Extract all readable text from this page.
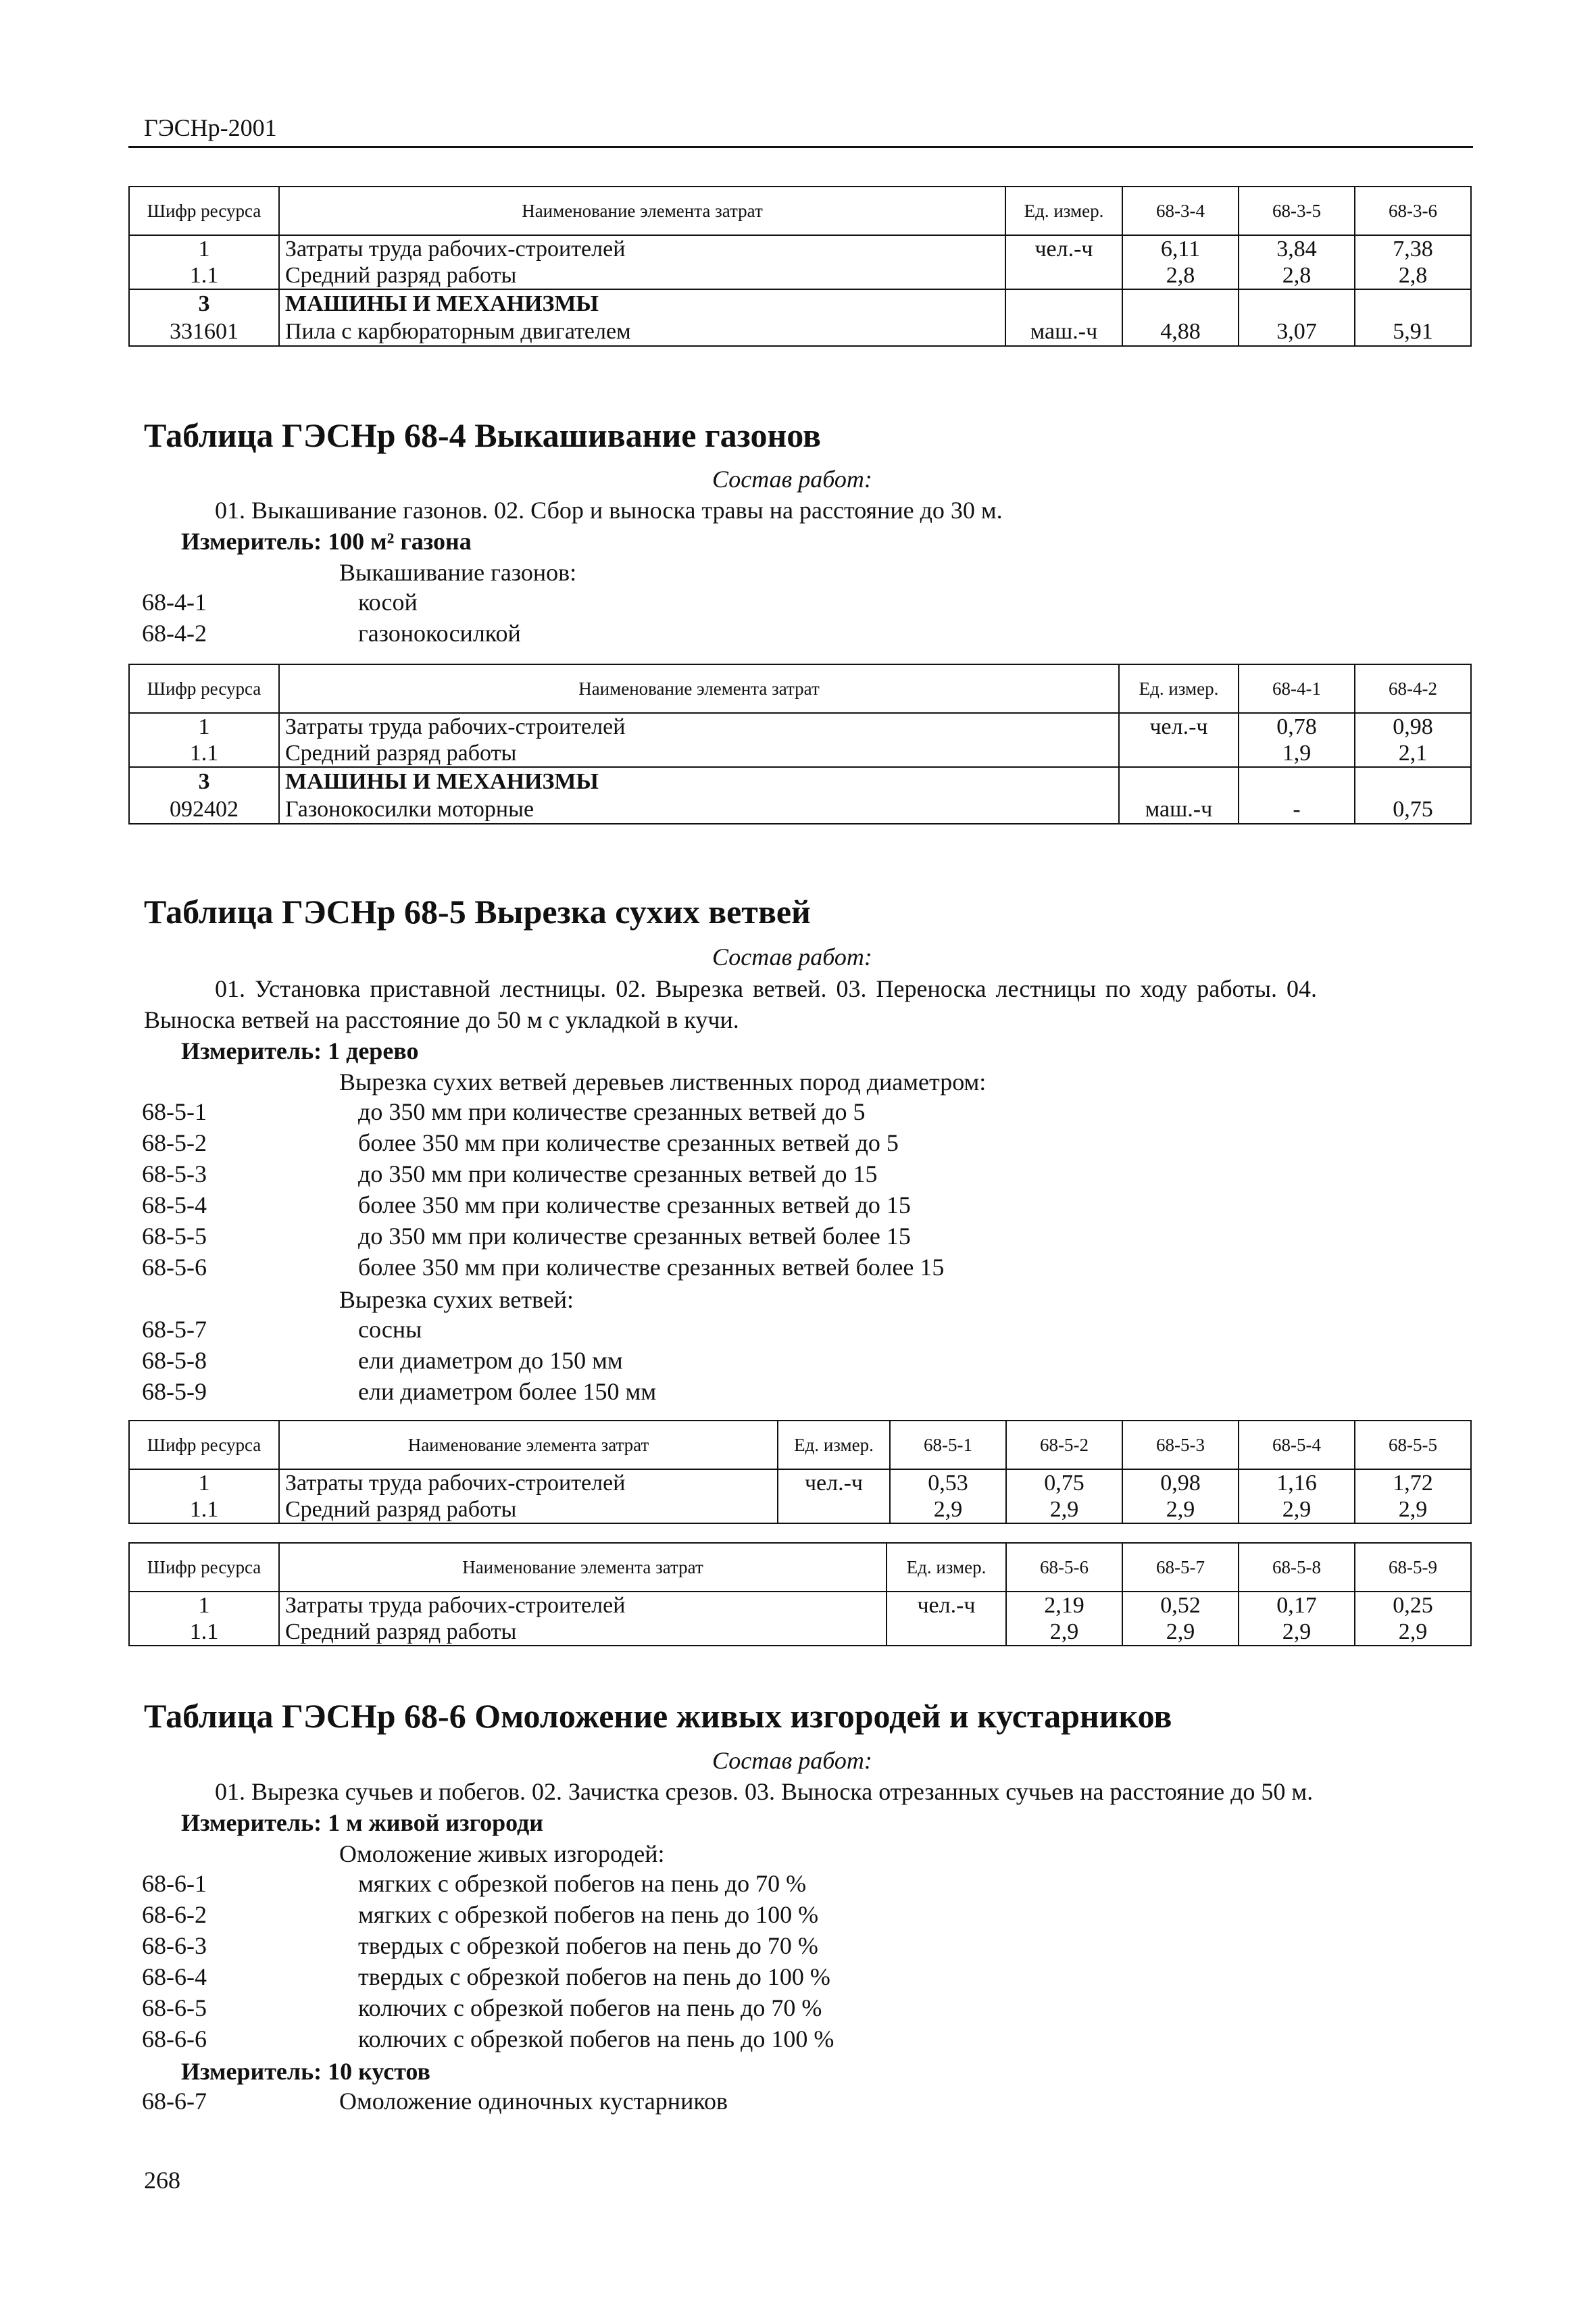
ГЭСНр-2001
Шифр ресурса	Наименование элемента затрат	Ед. измер.	68-3-4	68-3-5	68-3-6
1	Затраты труда рабочих-строителей	чел.-ч	6,11	3,84	7,38
1.1	Средний разряд работы		2,8	2,8	2,8
3	МАШИНЫ И МЕХАНИЗМЫ				
331601	Пила с карбюраторным двигателем	маш.-ч	4,88	3,07	5,91
Таблица ГЭСНр 68-4 Выкашивание газонов
Состав работ:
01. Выкашивание газонов. 02. Сбор и выноска травы на расстояние до 30 м.
Измеритель: 100 м² газона
Выкашивание газонов:
68-4-1	косой
68-4-2	газонокосилкой
Шифр ресурса	Наименование элемента затрат	Ед. измер.	68-4-1	68-4-2
1	Затраты труда рабочих-строителей	чел.-ч	0,78	0,98
1.1	Средний разряд работы		1,9	2,1
3	МАШИНЫ И МЕХАНИЗМЫ			
092402	Газонокосилки моторные	маш.-ч	-	0,75
Таблица ГЭСНр 68-5 Вырезка сухих ветвей
Состав работ:
01. Установка приставной лестницы. 02. Вырезка ветвей. 03. Переноска лестницы по ходу работы. 04.
Выноска ветвей на расстояние до 50 м с укладкой в кучи.
Измеритель: 1 дерево
Вырезка сухих ветвей деревьев лиственных пород диаметром:
68-5-1	до 350 мм при количестве срезанных ветвей до 5
68-5-2	более 350 мм при количестве срезанных ветвей до 5
68-5-3	до 350 мм при количестве срезанных ветвей до 15
68-5-4	более 350 мм при количестве срезанных ветвей до 15
68-5-5	до 350 мм при количестве срезанных ветвей более 15
68-5-6	более 350 мм при количестве срезанных ветвей более 15
Вырезка сухих ветвей:
68-5-7	сосны
68-5-8	ели диаметром до 150 мм
68-5-9	ели диаметром более 150 мм
Шифр ресурса	Наименование элемента затрат	Ед. измер.	68-5-1	68-5-2	68-5-3	68-5-4	68-5-5
1	Затраты труда рабочих-строителей	чел.-ч	0,53	0,75	0,98	1,16	1,72
1.1	Средний разряд работы		2,9	2,9	2,9	2,9	2,9
Шифр ресурса	Наименование элемента затрат	Ед. измер.	68-5-6	68-5-7	68-5-8	68-5-9
1	Затраты труда рабочих-строителей	чел.-ч	2,19	0,52	0,17	0,25
1.1	Средний разряд работы		2,9	2,9	2,9	2,9
Таблица ГЭСНр 68-6 Омоложение живых изгородей и кустарников
Состав работ:
01. Вырезка сучьев и побегов. 02. Зачистка срезов. 03. Выноска отрезанных сучьев на расстояние до 50 м.
Измеритель: 1 м живой изгороди
Омоложение живых изгородей:
68-6-1	мягких с обрезкой побегов на пень до 70 %
68-6-2	мягких с обрезкой побегов на пень до 100 %
68-6-3	твердых с обрезкой побегов на пень до 70 %
68-6-4	твердых с обрезкой побегов на пень до 100 %
68-6-5	колючих с обрезкой побегов на пень до 70 %
68-6-6	колючих с обрезкой побегов на пень до 100 %
Измеритель: 10 кустов
68-6-7	Омоложение одиночных кустарников
268
